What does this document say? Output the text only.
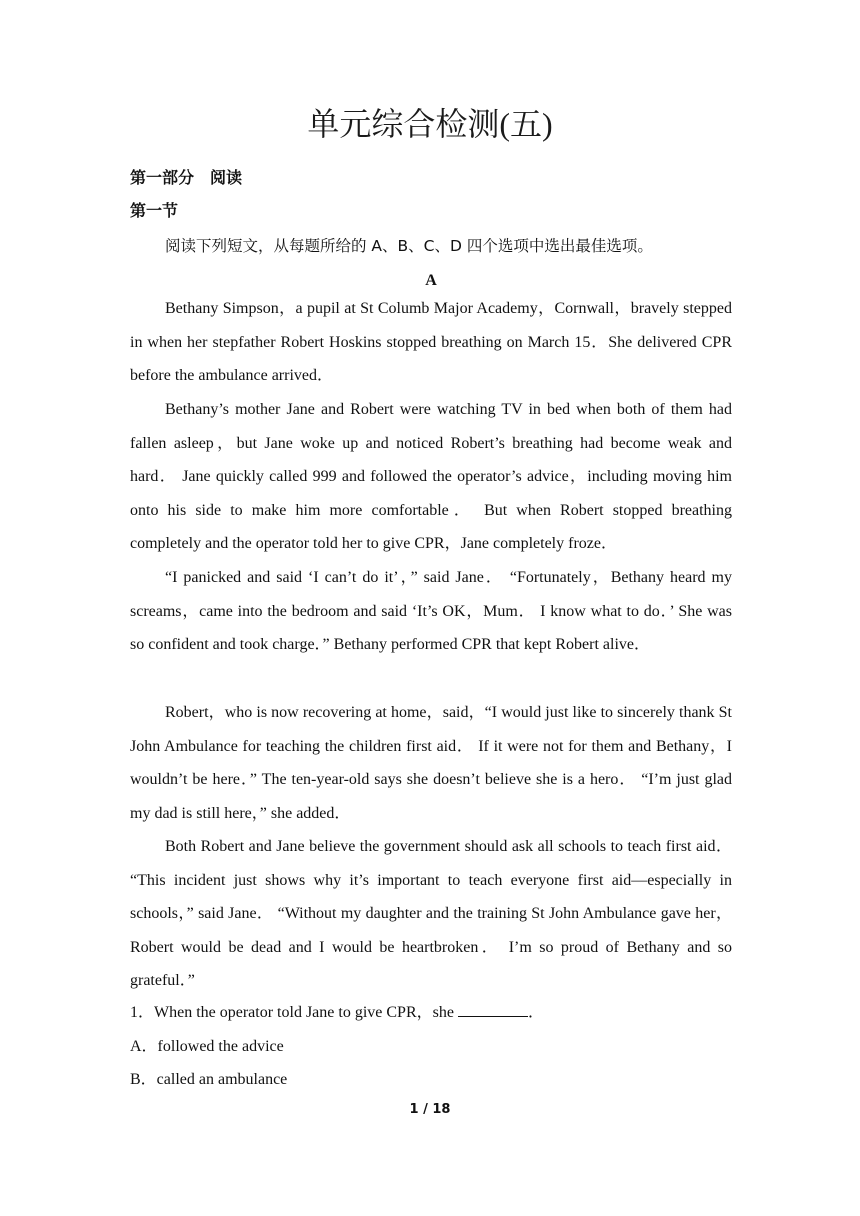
单元综合检测(五)
第一部分　阅读
第一节
阅读下列短文，从每题所给的 A、B、C、D 四个选项中选出最佳选项。
A
Bethany Simpson，a pupil at St Columb Major Academy，Cornwall，bravely stepped in when her stepfather Robert Hoskins stopped breathing on March 15．She delivered CPR before the ambulance arrived．
Bethany’s mother Jane and Robert were watching TV in bed when both of them had fallen asleep，but Jane woke up and noticed Robert’s breathing had become weak and hard． Jane quickly called 999 and followed the operator’s advice，including moving him onto his side to make him more comfortable． But when Robert stopped breathing completely and the operator told her to give CPR，Jane completely froze．
“I panicked and said ‘I can’t do it’，” said Jane． “Fortunately，Bethany heard my screams，came into the bedroom and said ‘It’s OK，Mum． I know what to do．’ She was so confident and took charge．” Bethany performed CPR that kept Robert alive．
Robert，who is now recovering at home，said，“I would just like to sincerely thank St John Ambulance for teaching the children first aid． If it were not for them and Bethany，I wouldn’t be here．” The ten-year-old says she doesn’t believe she is a hero． “I’m just glad my dad is still here，” she added．
Both Robert and Jane believe the government should ask all schools to teach first aid． “This incident just shows why it’s important to teach everyone first aid—especially in schools，” said Jane． “Without my daughter and the training St John Ambulance gave her，Robert would be dead and I would be heartbroken． I’m so proud of Bethany and so grateful．”
1．When the operator told Jane to give CPR，she	．
A．followed the advice
B．called an ambulance
1 / 18
